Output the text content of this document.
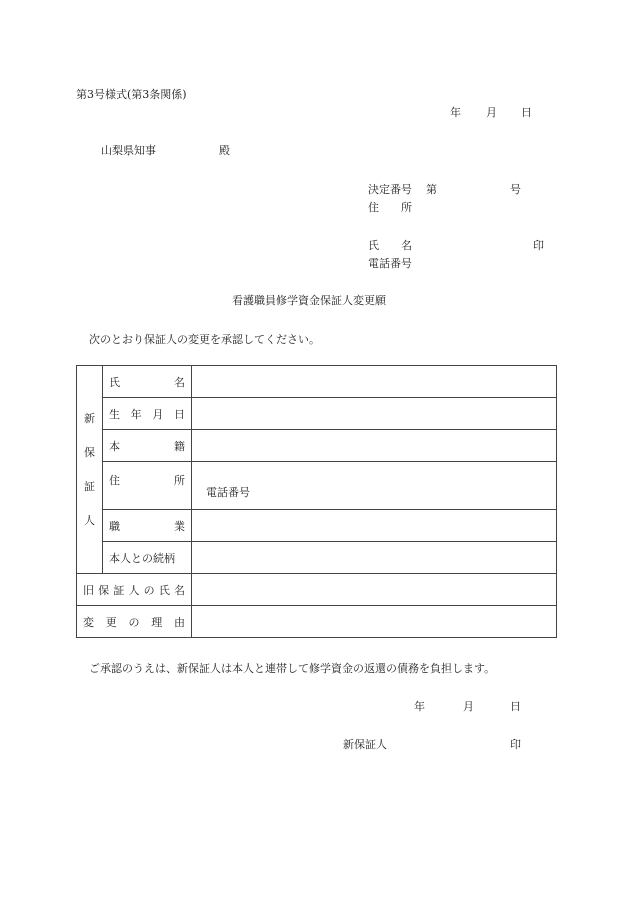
第3号様式(第3条関係)
年 月 日
山梨県知事	殿
決定番号 第	号
住 所
氏 名	印
電話番号
看護職員修学資金保証人変更願
次のとおり保証人の変更を承認してください。
新
保
証
人	氏名	
	生年月日	
	本籍	
	住所	電話番号

	職業	
	本人との続柄	
旧保証人の氏名		
変更の理由		
ご承認のうえは、新保証人は本人と連帯して修学資金の返還の債務を負担します。
年	月	日
新保証人	印
